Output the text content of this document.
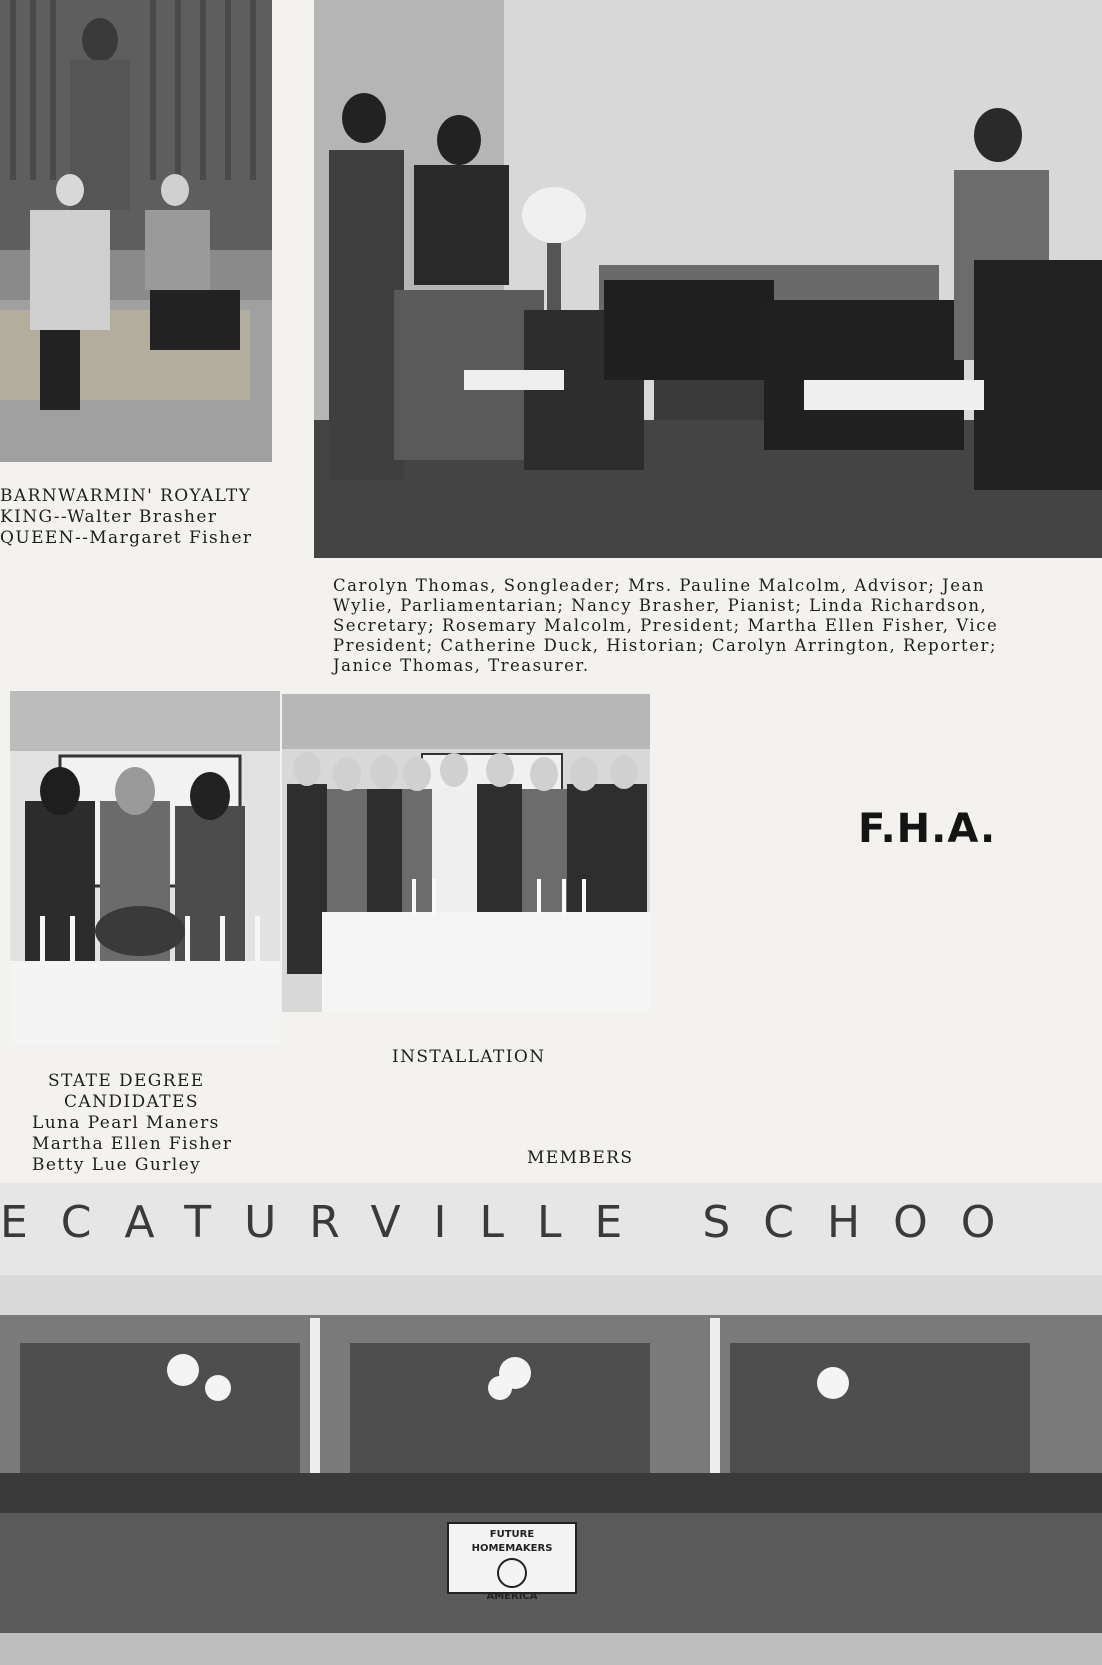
BARNWARMIN' ROYALTY
KING--Walter Brasher
QUEEN--Margaret Fisher
Carolyn Thomas, Songleader; Mrs. Pauline Malcolm, Advisor; Jean
Wylie, Parliamentarian; Nancy Brasher, Pianist; Linda Richardson,
Secretary; Rosemary Malcolm, President; Martha Ellen Fisher, Vice
President; Catherine Duck, Historian; Carolyn Arrington, Reporter;
Janice Thomas, Treasurer.
F.H.A.
INSTALLATION
STATE DEGREE
CANDIDATES
Luna Pearl Maners
Martha Ellen Fisher
Betty Lue Gurley	MEMBERS
ECATURVILLE SCHOO
FUTURE HOMEMAKERS
AMERICA
